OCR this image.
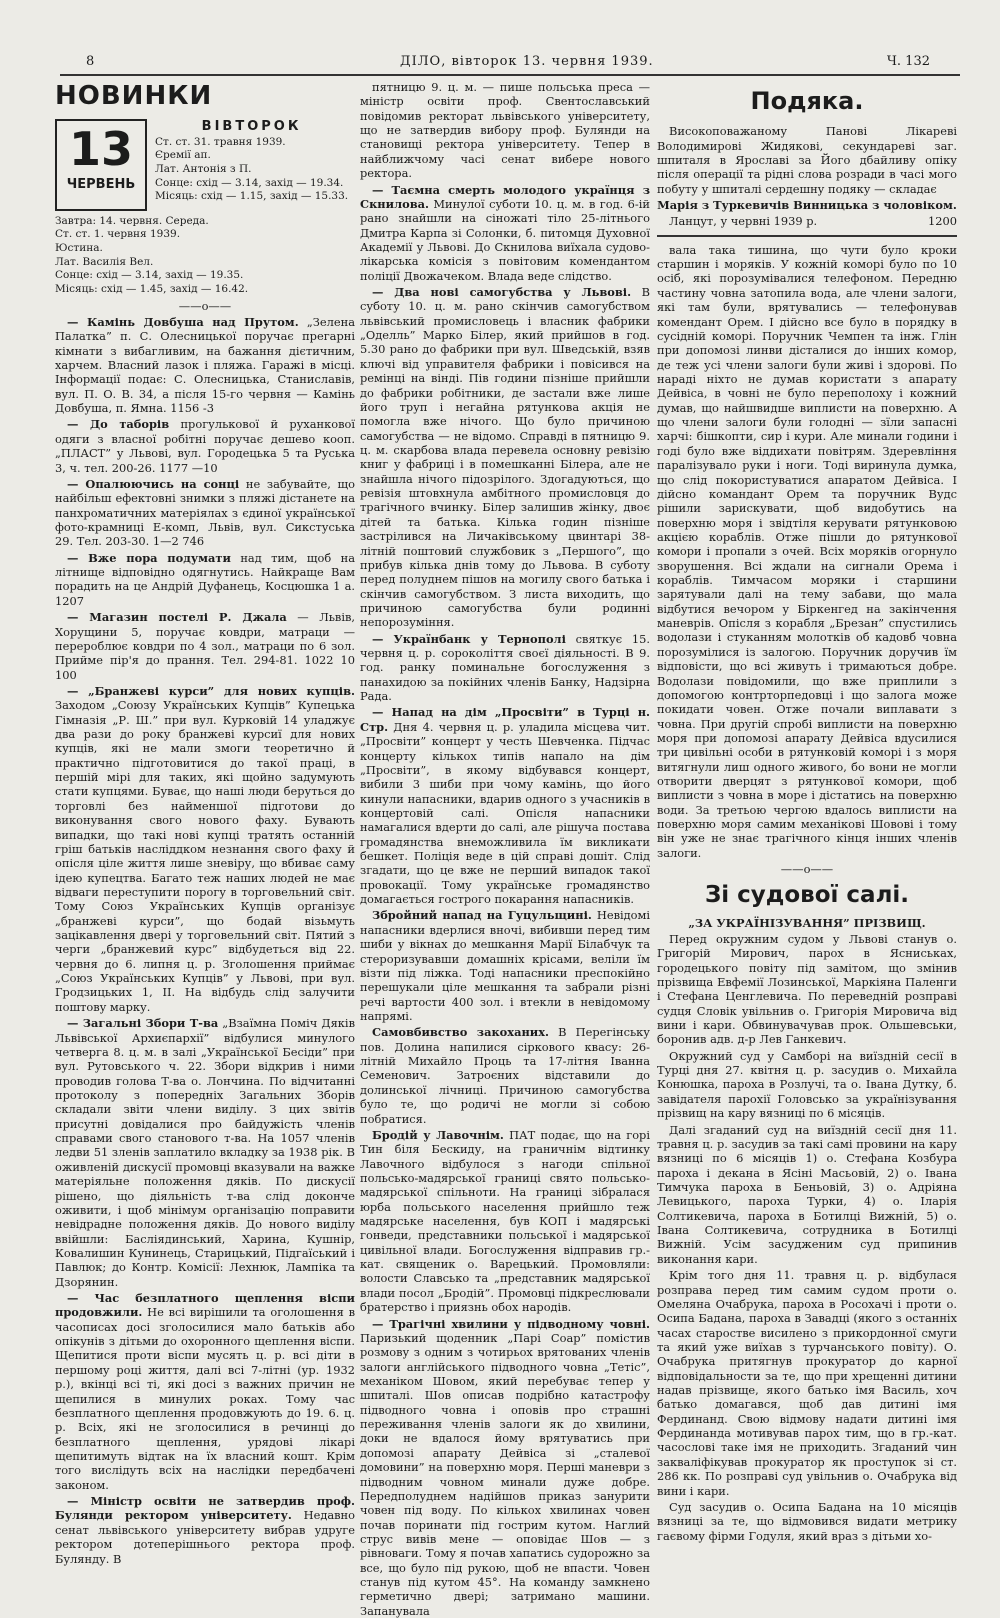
8	ДІЛО, вівторок 13. червня 1939.	Ч. 132
НОВИНКИ
13
ЧЕРВЕНЬ
ВІВТОРОК
Ст. ст. 31. травня 1939.
Єремії ап.
Лат. Антонія з П.
Сонце: схід — 3.14, захід — 19.34.
Місяць: схід — 1.15, захід — 15.33.
Завтра: 14. червня. Середа.
Ст. ст. 1. червня 1939.
Юстина.
Лат. Василія Вел.
Сонце: схід — 3.14, захід — 19.35.
Місяць: схід — 1.45, захід — 16.42.
——о——

— Камінь Довбуша над Прутом. „Зелена Палатка” п. С. Олесницької поручає прегарні кімнати з вибагливим, на бажання дієтичним, харчем. Власний лазок і пляжа. Гаражі в місці. Інформації подає: С. Олесницька, Станиславів, вул. П. О. В. 34, а після 15-го червня — Камінь Довбуша, п. Ямна. 1156 -3

— До таборів прогулькової й руханкової одяги з власної робітні поручає дешево кооп. „ПЛАСТ” у Львові, вул. Городецька 5 та Руська 3, ч. тел. 200-26. 1177 —10

— Опалюючись на сонці не забувайте, що найбільш ефектовні знимки з пляжі дістанете на панхроматичних матеріялах з єдиної української фото-крамниці Е-комп, Львів, вул. Сикстуська 29. Тел. 203-30. 1—2 746

— Вже пора подумати над тим, щоб на літнище відповідно одягнутись. Найкраще Вам порадить на це Андрій Дуфанець, Косцюшка 1 а. 1207

— Магазин постелі Р. Джала — Львів, Хорущини 5, поручає ковдри, матраци — перероблює ковдри по 4 зол., матраци по 6 зол. Прийме пір'я до прання. Тел. 294-81. 1022 10 100

— „Бранжеві курси” для нових купців. Заходом „Союзу Українських Купців” Купецька Гімназія „Р. Ш.” при вул. Курковій 14 уладжує два рази до року бранжеві курсиї для нових купців, які не мали змоги теоретично й практично підготовитися до такої праці, в першій мірі для таких, які щойно задумують стати купцями. Буває, що наші люди беруться до торговлі без найменшої підготови до виконування свого нового фаху. Бувають випадки, що такі нові купці тратять останній гріш батьків насліддком незнання свого фаху й опісля ціле життя лише зневіру, що вбиває саму ідею купецтва. Багато теж наших людей не має відваги переступити порогу в торговельний світ. Тому Союз Українських Купців організує „бранжеві курси”, що бодай візьмуть зацікавлення двері у торговельний світ. Пятий з черги „бранжевий курс” відбудеться від 22. червня до 6. липня ц. р. Зголошення приймає „Союз Українських Купців” у Львові, при вул. Гродзицьких 1, II. На відбудь слід залучити поштову марку.

— Загальні Збори Т-ва „Взаїмна Поміч Дяків Львівської Архиєпархії” відбулися минулого четверга 8. ц. м. в залі „Української Бесіди” при вул. Рутовського ч. 22. Збори відкрив і ними проводив голова Т-ва о. Лончина. По відчитанні протоколу з попередніх Загальних Зборів складали звіти члени виділу. З цих звітів присутні довідалися про байдужість членів справами свого станового т-ва. На 1057 членів ледви 51 зленів заплатило вкладку за 1938 рік. В оживленій дискусії промовці вказували на важке матеріяльне положення дяків. По дискусії рішено, що діяльність т-ва слід доконче оживити, і щоб мінімум організацію поправити невідрадне положення дяків. До нового виділу ввійшли: Басліядинський, Харина, Кушнір, Ковалишин Кунинець, Старицький, Підгаїський і Павлюк; до Контр. Комісії: Лехнюк, Лампіка та Дзорянин.

— Час безплатного щеплення віспи продовжили. Не всі вирішили та оголошення в часописах досі зголосилися мало батьків або опікунів з дітьми до охоронного щеплення віспи. Щепитися проти віспи мусять ц. р. всі діти в першому році життя, далі всі 7-літні (ур. 1932 р.), вкінці всі ті, які досі з важних причин не щепилися в минулих роках. Тому час безплатного щеплення продовжують до 19. 6. ц. р. Всіх, які не зголосилися в речинці до безплатного щеплення, урядові лікарі щепитимуть відтак на їх власний кошт. Крім того вислідуть всіх на наслідки передбачені законом.

— Міністр освіти не затвердив проф. Булянди ректором університету. Недавно сенат львівського університету вибрав удруге ректором дотеперішнього ректора проф. Булянду. В

пятницю 9. ц. м. — пише польська преса — міністр освіти проф. Свентославський повідомив ректорат львівського університету, що не затвердив вибору проф. Булянди на становищі ректора університету. Тепер в найближчому часі сенат вибере нового ректора.

— Таємна смерть молодого українця з Скнилова. Минулої суботи 10. ц. м. в год. 6-ій рано знайшли на сіножаті тіло 25-літнього Дмитра Карпа зі Солонки, б. питомця Духовної Академії у Львові. До Скнилова виїхала судово-лікарська комісія з повітовим комендантом поліції Двожачеком. Влада веде слідство.

— Два нові самогубства у Львові. В суботу 10. ц. м. рано скінчив самогубством львівський промисловець і власник фабрики „Оделль” Марко Білер, який прийшов в год. 5.30 рано до фабрики при вул. Шведській, взяв ключі від управителя фабрики і повісився на ремінці на вінді. Пів години пізніше прийшли до фабрики робітники, де застали вже лише його труп і негайна рятункова акція не помогла вже нічого. Що було причиною самогубства — не відомо. Справді в пятницю 9. ц. м. скарбова влада перевела основну ревізію книг у фабриці і в помешканні Білера, але не знайшла нічого підозрілого. Здогадуються, що ревізія штовхнула амбітного промисловця до трагічного вчинку. Білер залишив жінку, двоє дітей та батька. Кілька годин пізніше застрілився на Личаківському цвинтарі 38-літній поштовий службовик з „Першого”, що прибув кілька днів тому до Львова. В суботу перед полуднем пішов на могилу свого батька і скінчив самогубством. З листа виходить, що причиною самогубства були родинні непорозуміння.

— Українбанк у Тернополі святкує 15. червня ц. р. сороколіття своєї діяльності. В 9. год. ранку поминальне богослуження з панахидою за покійних членів Банку, Надзірна Рада.

— Напад на дім „Просвіти” в Турці н. Стр. Дня 4. червня ц. р. уладила місцева чит. „Просвіти” концерт у честь Шевченка. Підчас концерту кількох типів напало на дім „Просвіти”, в якому відбувався концерт, вибили 3 шиби при чому камінь, що його кинули напасники, вдарив одного з учасників в концертовій салі. Опісля напасники намагалися вдерти до салі, але рішуча постава громадянства внеможливила їм викликати бешкет. Поліція веде в цій справі дошіт. Слід згадати, що це вже не перший випадок такої провокації. Тому українське громадянство домагається гострого покарання напасників.

Збройний напад на Гуцульщині. Невідомі напасники вдерлися вночі, вибивши перед тим шиби у вікнах до мешкання Марії Білабчук та стероризувавши домашніх крісами, веліли їм візти під ліжка. Тоді напасники преспокійно перешукали ціле мешкання та забрали різні речі вартости 400 зол. і втекли в невідомому напрямі.

Самовбивство закоханих. В Перегінську пов. Долина напилися сіркового квасу: 26-літній Михайло Проць та 17-літня Іванна Семенович. Затроєних відставили до долинської лічниці. Причиною самогубства було те, що родичі не могли зі собою побратися.

Бродій у Лавочнім. ПАТ подає, що на горі Тин біля Бескиду, на граничнім відтинку Лавочного відбулося з нагоди спільної польсько-мадярської границі свято польсько-мадярської спільноти. На границі зібралася юрба польського населення прийшло теж мадярське населення, був КОП і мадярські гонведи, представники польської і мадярської цивільної влади. Богослуження відправив гр.-кат. священик о. Варецький. Промовляли: волости Славсько та „представник мадярської влади посол „Бродій”. Промовці підкреслювали братерство і приязнь обох народів.

— Трагічні хвилини у підводному човні. Паризький щоденник „Парі Соар” помістив розмову з одним з чотирьох врятованих членів залоги англійського підводного човна „Тетіс”, механіком Шовом, який перебуває тепер у шпиталі. Шов описав подрібно катастрофу підводного човна і оповів про страшні переживання членів залоги як до хвилини, доки не вдалося йому врятуватись при допомозі апарату Дейвіса зі „сталевої домовини” на поверхню моря. Перші маневри з підводним човном минали дуже добре. Передполуднем надійшов приказ занурити човен під воду. По кількох хвилинах човен почав поринати під гострим кутом. Наглий струс вивів мене — оповідає Шов — з рівноваги. Тому я почав хапатись судорожно за все, що було під рукою, щоб не впасти. Човен станув під кутом 45°. На команду замкнено герметично двері; затримано машини. Запанувала

Подяка.

Високоповажаному Панові Лікареві Володимирові Жидякові, секундареві заг. шпиталя в Ярославі за Його дбайливу опіку після операції та рідні слова розради в часі мого побуту у шпиталі сердешну подяку — складає

Марія з Туркевичів Винницька з чоловіком.

Ланцут, у червні 1939 р.	1200

вала така тишина, що чути було кроки старшин і моряків. У кожній коморі було по 10 осіб, які порозумівалися телефоном. Передню частину човна затопила вода, але члени залоги, які там були, врятувались — телефонував комендант Орем. І дійсно все було в порядку в сусідній коморі. Поручник Чемпен та інж. Глін при допомозі линви дісталися до інших комор, де теж усі члени залоги були живі і здорові. По нараді ніхто не думав користати з апарату Дейвіса, в човні не було переполоху і кожний думав, що найшвидше виплисти на поверхню. А що члени залоги були голодні — зїли запасні харчі: бішкопти, сир і кури. Але минали години і годі було вже віддихати повітрям. Здеревління паралізувало руки і ноги. Тоді виринула думка, що слід покористуватися апаратом Дейвіса. І дійсно командант Орем та поручник Вудс рішили зарискувати, щоб видобутись на поверхню моря і звідтіля керувати рятунковою акцією кораблів. Отже пішли до рятункової комори і пропали з очей. Всіх моряків огорнуло зворушення. Всі ждали на сигнали Орема і кораблів. Тимчасом моряки і старшини зарятували далі на тему забави, що мала відбутися вечором у Біркенгед на закінчення маневрів. Опісля з корабля „Брезан” спустились водолази і стуканням молотків об кадовб човна порозумілися із залогою. Поручник доручив їм відповісти, що всі живуть і тримаються добре. Водолази повідомили, що вже приплили з допомогою контрторпедовці і що залога може покидати човен. Отже почали виплавати з човна. При другій спробі виплисти на поверхню моря при допомозі апарату Дейвіса вдусилися три цивільні особи в рятунковій коморі і з моря витягнули лиш одного живого, бо вони не могли отворити дверцят з рятункової комори, щоб виплисти з човна в море і дістатись на поверхню води. За третьою чергою вдалось виплисти на поверхню моря самим механікові Шовові і тому він уже не знає трагічного кінця інших членів залоги.

——о——
Зі судової салі.

„ЗА УКРАЇНІЗУВАННЯ” ПРІЗВИЩ.

Перед окружним судом у Львові станув о. Григорій Мирович, парох в Ясниськах, городецького повіту під замітом, що змінив прізвища Евфемії Лозинської, Маркіяна Паленги і Стефана Ценглевича. По переведній розправі судця Словік увільнив о. Григорія Мировича від вини і кари. Обвинувачував прок. Ольшевськи, боронив адв. д-р Лев Ганкевич.

Окружний суд у Самборі на виїздній сесії в Турці дня 27. квітня ц. р. засудив о. Михайла Конюшка, пароха в Розлучі, та о. Івана Дутку, б. завідателя парохії Головсько за українізування прізвищ на кару вязниці по 6 місяців.

Далі згаданий суд на виїздній сесії дня 11. травня ц. р. засудив за такі самі провини на кару вязниці по 6 місяців 1) о. Стефана Козбура пароха і декана в Ясіні Масьовій, 2) о. Івана Тимчука пароха в Беньовій, 3) о. Адріяна Левицького, пароха Турки, 4) о. Іларія Солтикевича, пароха в Ботилці Вижній, 5) о. Івана Солтикевича, сотрудника в Ботилці Вижній. Усім засудженим суд припинив виконання кари.

Крім того дня 11. травня ц. р. відбулася розправа перед тим самим судом проти о. Омеляна Очабрука, пароха в Росохачі і проти о. Осипа Бадана, пароха в Завадці (якого з останніх часах старостве висилено з прикордонної смуги та який уже виїхав з турчанського повіту). О. Очабрука притягнув прокуратор до карної відповідальности за те, що при хрещенні дитини надав прізвище, якого батько імя Василь, хоч батько домагався, щоб дав дитині імя Фердинанд. Свою відмову надати дитині імя Фердинанда мотивував парох тим, що в гр.-кат. часослові таке імя не приходить. Згаданий чин закваліфікував прокуратор як проступок зі ст. 286 кк. По розправі суд увільнив о. Очабрука від вини і кари.

Суд засудив о. Осипа Бадана на 10 місяців вязниці за те, що відмовився видати метрику гаєвому фірми Годуля, який враз з дітьми хо-
